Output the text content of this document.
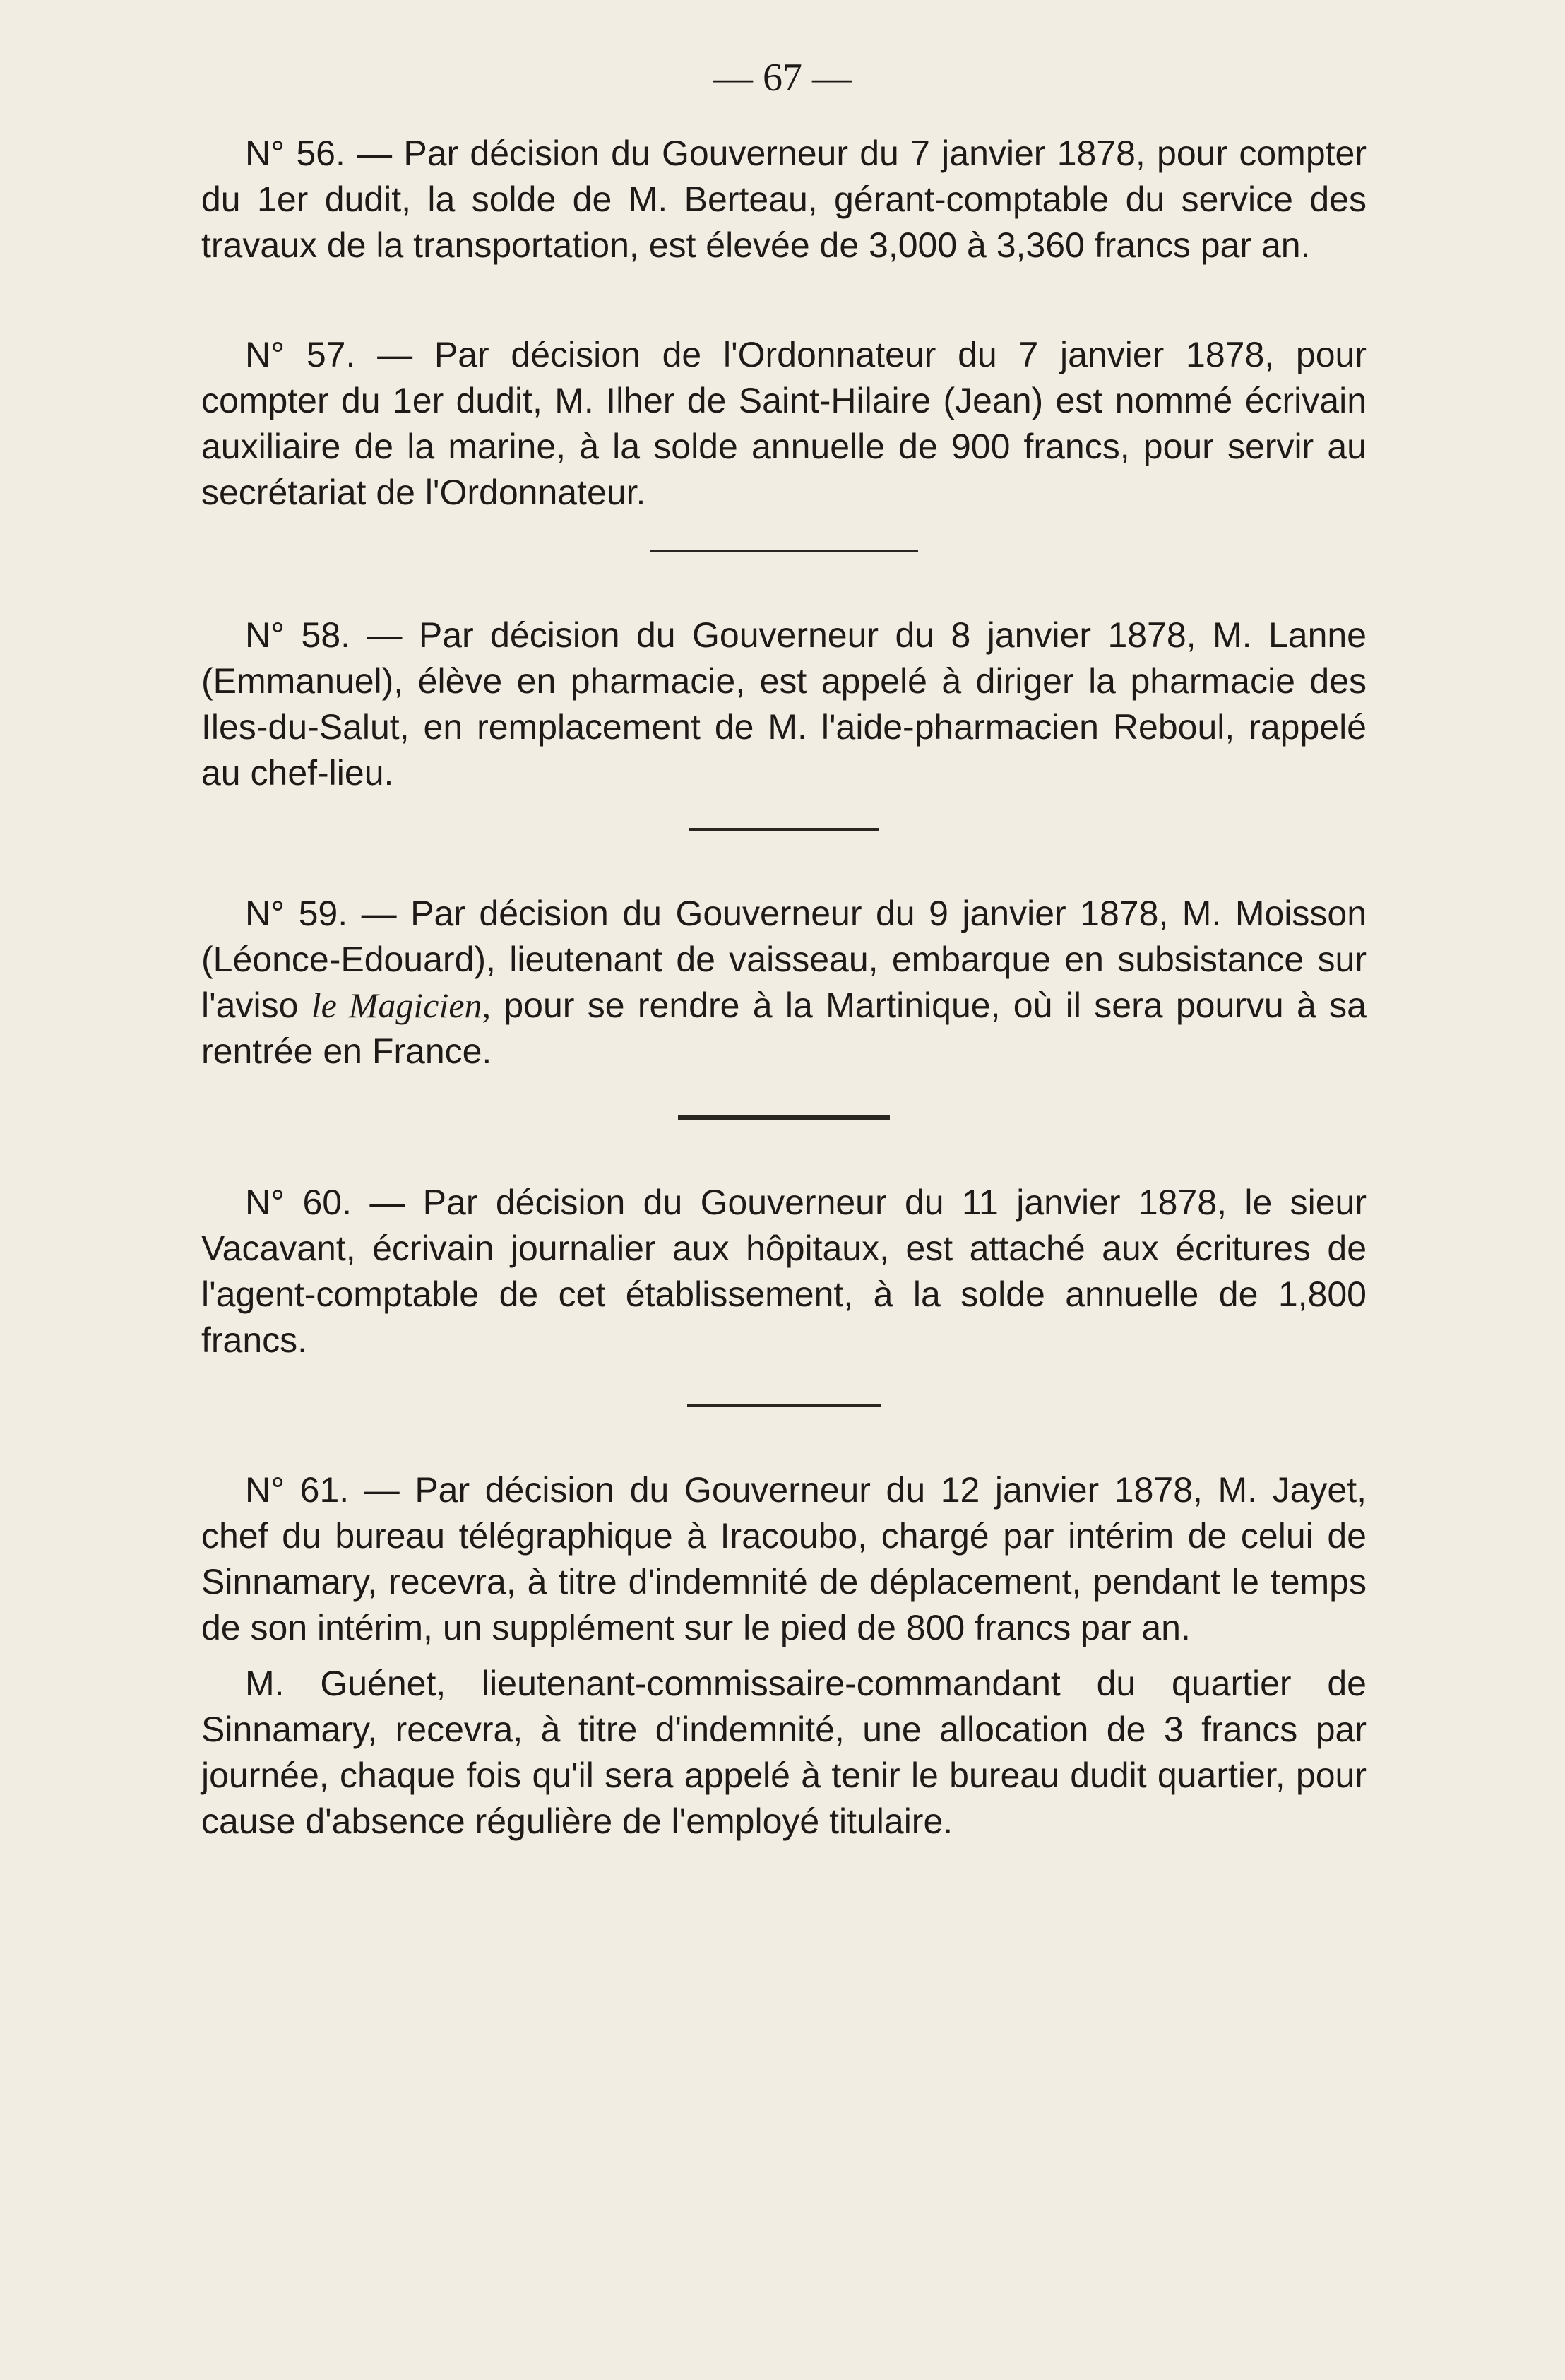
— 67 —

N° 56. — Par décision du Gouverneur du 7 janvier 1878, pour compter du 1er dudit, la solde de M. Berteau, gérant-comptable du service des travaux de la transportation, est élevée de 3,000 à 3,360 francs par an.

N° 57. — Par décision de l'Ordonnateur du 7 janvier 1878, pour compter du 1er dudit, M. Ilher de Saint-Hilaire (Jean) est nommé écrivain auxiliaire de la marine, à la solde annuelle de 900 francs, pour servir au secrétariat de l'Ordonnateur.

N° 58. — Par décision du Gouverneur du 8 janvier 1878, M. Lanne (Emmanuel), élève en pharmacie, est appelé à diriger la pharmacie des Iles-du-Salut, en remplacement de M. l'aide-pharmacien Reboul, rappelé au chef-lieu.

N° 59. — Par décision du Gouverneur du 9 janvier 1878, M. Moisson (Léonce-Edouard), lieutenant de vaisseau, embarque en subsistance sur l'aviso le Magicien, pour se rendre à la Martinique, où il sera pourvu à sa rentrée en France.

N° 60. — Par décision du Gouverneur du 11 janvier 1878, le sieur Vacavant, écrivain journalier aux hôpitaux, est attaché aux écritures de l'agent-comptable de cet établissement, à la solde annuelle de 1,800 francs.

N° 61. — Par décision du Gouverneur du 12 janvier 1878, M. Jayet, chef du bureau télégraphique à Iracoubo, chargé par intérim de celui de Sinnamary, recevra, à titre d'indemnité de déplacement, pendant le temps de son intérim, un supplément sur le pied de 800 francs par an.

M. Guénet, lieutenant-commissaire-commandant du quartier de Sinnamary, recevra, à titre d'indemnité, une allocation de 3 francs par journée, chaque fois qu'il sera appelé à tenir le bureau dudit quartier, pour cause d'absence régulière de l'employé titulaire.
